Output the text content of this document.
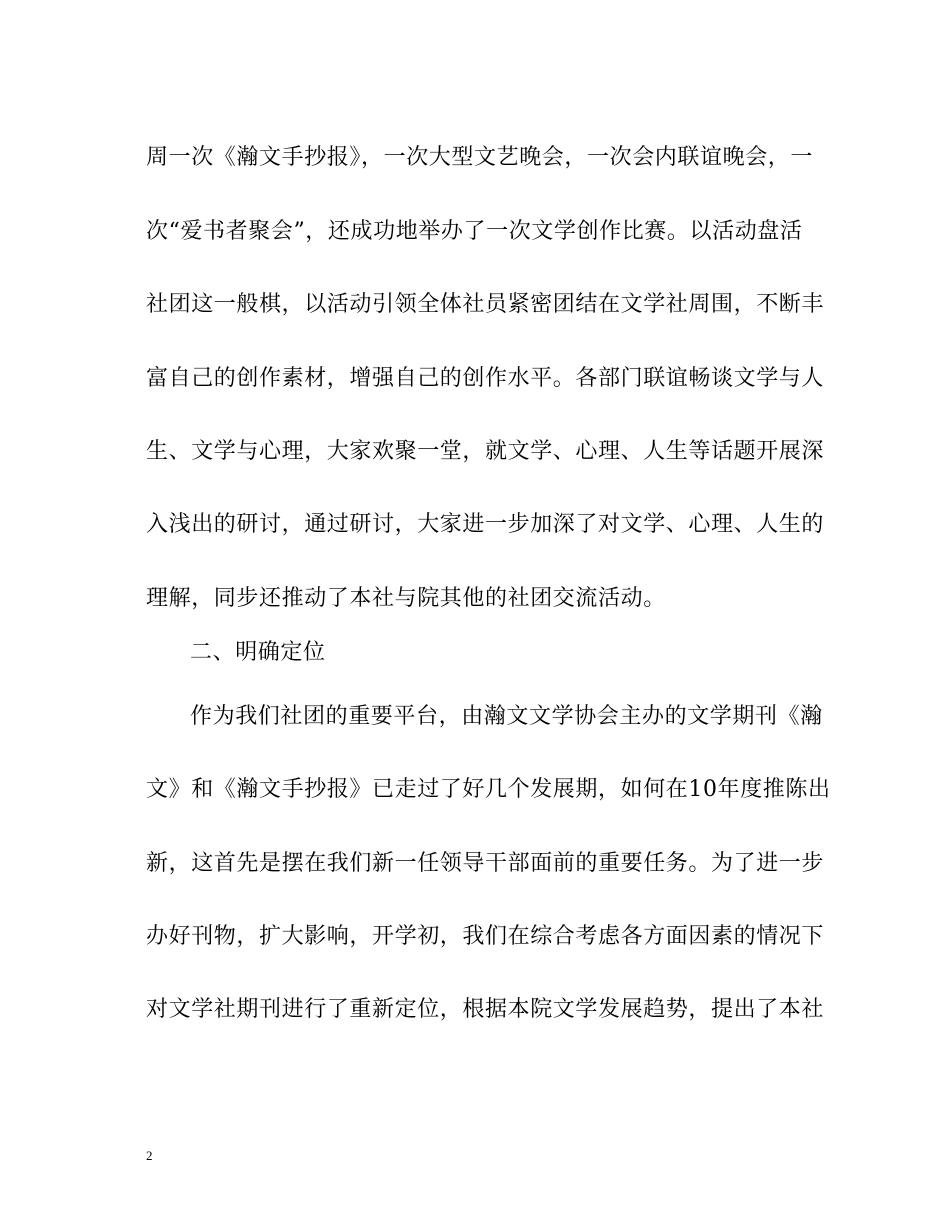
周一次《瀚文手抄报》，一次大型文艺晚会，一次会内联谊晚会，一
次“爱书者聚会”，还成功地举办了一次文学创作比赛。以活动盘活
社团这一般棋，以活动引领全体社员紧密团结在文学社周围，不断丰
富自己的创作素材，增强自己的创作水平。各部门联谊畅谈文学与人
生、文学与心理，大家欢聚一堂，就文学、心理、人生等话题开展深
入浅出的研讨，通过研讨，大家进一步加深了对文学、心理、人生的
理解，同步还推动了本社与院其他的社团交流活动。
二、明确定位
作为我们社团的重要平台，由瀚文文学协会主办的文学期刊《瀚
文》和《瀚文手抄报》已走过了好几个发展期，如何在10年度推陈出
新，这首先是摆在我们新一任领导干部面前的重要任务。为了进一步
办好刊物，扩大影响，开学初，我们在综合考虑各方面因素的情况下
对文学社期刊进行了重新定位，根据本院文学发展趋势，提出了本社
2
